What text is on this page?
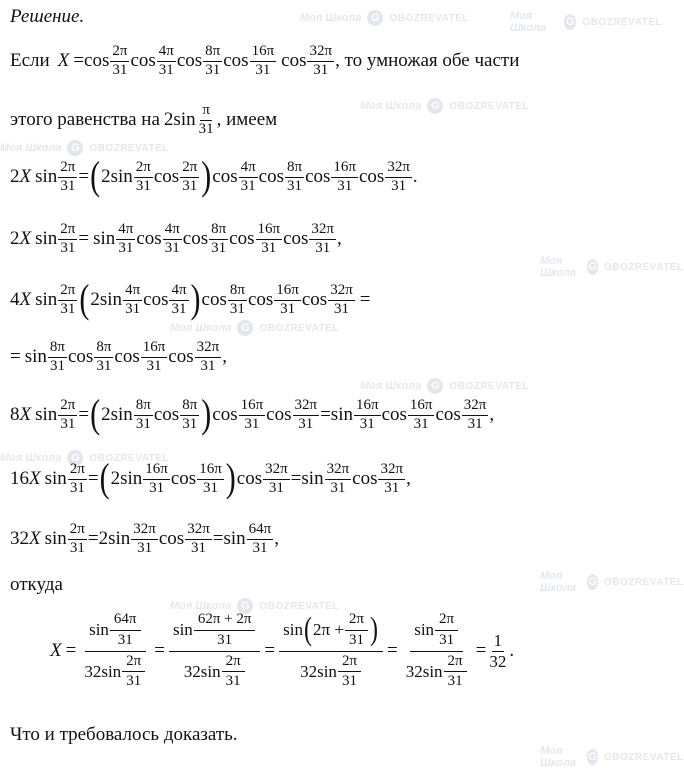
Моя Школа G OBOZREVATEL	Моя Школа	G OBOZREVATEL
Моя Школа G OBOZREVATEL
Моя Школа G OBOZREVATEL
Моя Школа	G OBOZREVATEL
Моя Школа G OBOZREVATEL
Моя Школа G OBOZREVATEL
Моя Школа G OBOZREVATEL
Моя Школа	G OBOZREVATEL
Моя Школа G OBOZREVATEL
Моя Школа	G OBOZREVATEL
Решение.
Если $X = \cos \frac{2\pi}{31}$ $\cos \frac{4\pi}{31}$ $\cos \frac{8\pi}{31}$ $\cos \frac{16\pi}{31}$ $\cos \frac{32\pi}{31}$ , то умножая обе части
этого равенства на $2\sin \frac{\pi}{31}$ , имеем
2 X $\sin \frac{2\pi}{31}$ = ( $2\sin \frac{2\pi}{31}$ $\cos \frac{2\pi}{31}$ ) $\cos \frac{4\pi}{31}$ $\cos \frac{8\pi}{31}$ $\cos \frac{16\pi}{31}$ $\cos \frac{32\pi}{31}$ .
2 X $\sin \frac{2\pi}{31} = \sin \frac{4\pi}{31}$ $\cos \frac{4\pi}{31}$ $\cos \frac{8\pi}{31}$ $\cos \frac{16\pi}{31}$ $\cos \frac{32\pi}{31}$ ,
4 X $\sin \frac{2\pi}{31}$ ( $2\sin \frac{4\pi}{31}$ $\cos \frac{4\pi}{31}$ ) $\cos \frac{8\pi}{31}$ $\cos \frac{16\pi}{31}$ $\cos \frac{32\pi}{31}$ =
= $\sin \frac{8\pi}{31}$ $\cos \frac{8\pi}{31}$ $\cos \frac{16\pi}{31}$ $\cos \frac{32\pi}{31}$ ,
8 X $\sin \frac{2\pi}{31}$ = ( $2\sin \frac{8\pi}{31}$ $\cos \frac{8\pi}{31}$ ) $\cos \frac{16\pi}{31}$ $\cos \frac{32\pi}{31} = \sin \frac{16\pi}{31}$ $\cos \frac{16\pi}{31}$ $\cos \frac{32\pi}{31}$ ,
16 X $\sin \frac{2\pi}{31}$ = ( $2\sin \frac{16\pi}{31}$ $\cos \frac{16\pi}{31}$ ) $\cos \frac{32\pi}{31} = \sin \frac{32\pi}{31}$ $\cos \frac{32\pi}{31}$ ,
32 X $\sin \frac{2\pi}{31} = 2\sin \frac{32\pi}{31}$ $\cos \frac{32\pi}{31} = \sin \frac{64\pi}{31}$ ,
откуда
$X = \frac{\sin \frac{64\pi}{31}}{32\sin \frac{2\pi}{31}} = \frac{\sin \frac{62\pi + 2\pi}{31}}{32\sin \frac{2\pi}{31}} = \frac{\sin ( 2\pi + \frac{2\pi}{31} )}{32\sin \frac{2\pi}{31}} = \frac{\sin \frac{2\pi}{31}}{32\sin \frac{2\pi}{31}} = \frac{1}{32}$ .
Что и требовалось доказать.
